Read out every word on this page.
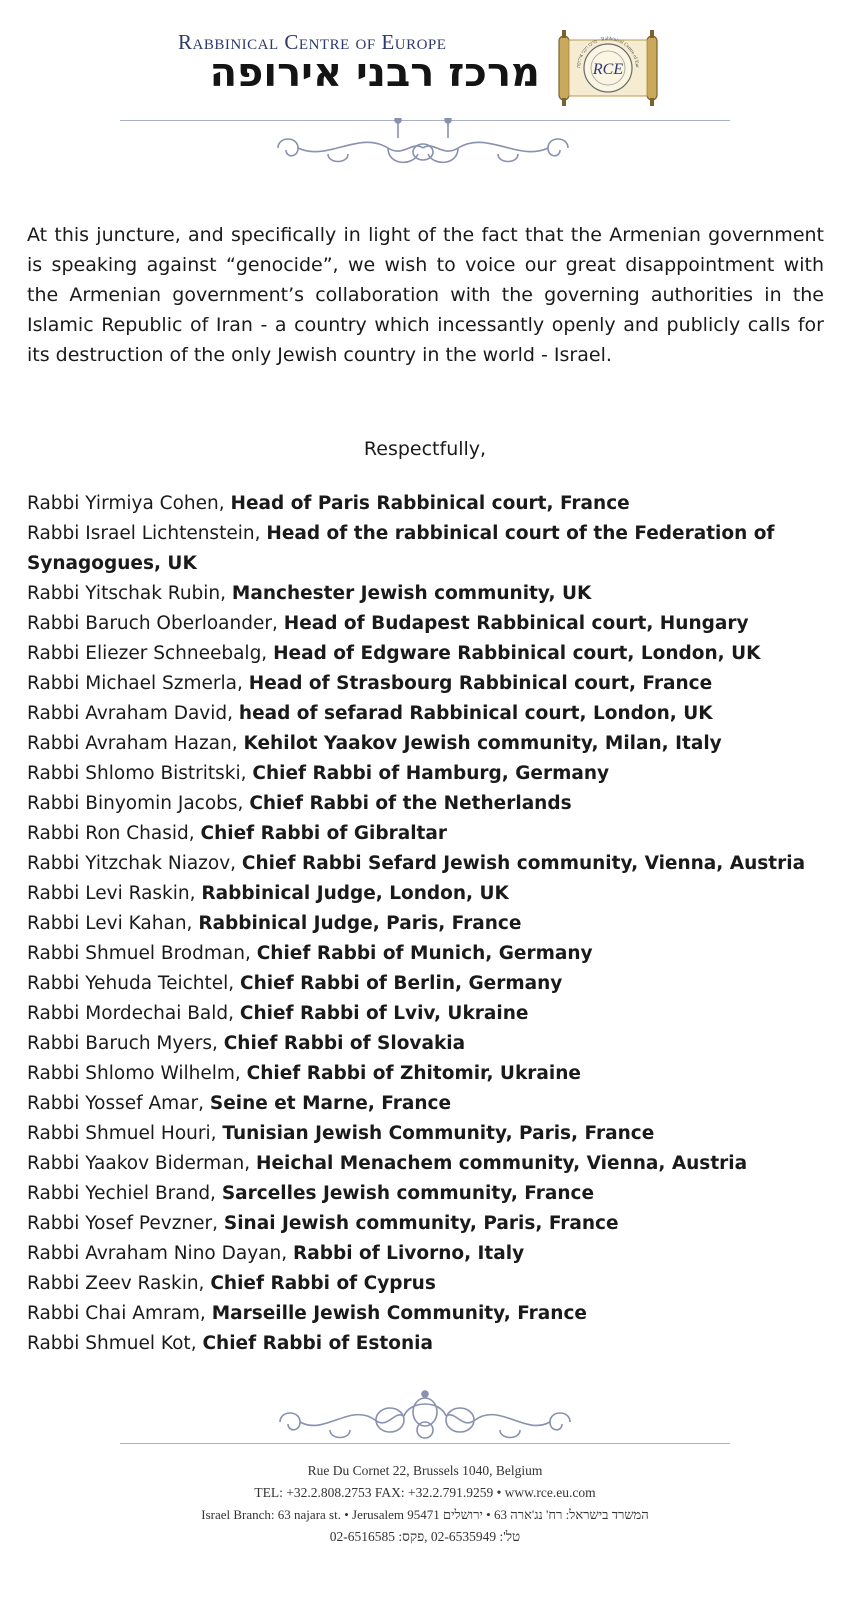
Rabbinical Centre of Europe
מרכז רבני אירופה
מרכז רבני אירופה · Rabbinical Centre of Eur
RCE

At this juncture, and specifically in light of the fact that the Armenian government is speaking against “genocide”, we wish to voice our great disappointment with the Armenian government’s collaboration with the governing authorities in the Islamic Republic of Iran - a country which incessantly openly and publicly calls for its destruction of the only Jewish country in the world - Israel.

Respectfully,
Rabbi Yirmiya Cohen, Head of Paris Rabbinical court, France
Rabbi Israel Lichtenstein, Head of the rabbinical court of the Federation of Synagogues, UK
Rabbi Yitschak Rubin, Manchester Jewish community, UK
Rabbi Baruch Oberloander, Head of Budapest Rabbinical court, Hungary
Rabbi Eliezer Schneebalg, Head of Edgware Rabbinical court, London, UK
Rabbi Michael Szmerla, Head of Strasbourg Rabbinical court, France
Rabbi Avraham David, head of sefarad Rabbinical court, London, UK
Rabbi Avraham Hazan, Kehilot Yaakov Jewish community, Milan, Italy
Rabbi Shlomo Bistritski, Chief Rabbi of Hamburg, Germany
Rabbi Binyomin Jacobs, Chief Rabbi of the Netherlands
Rabbi Ron Chasid, Chief Rabbi of Gibraltar
Rabbi Yitzchak Niazov, Chief Rabbi Sefard Jewish community, Vienna, Austria
Rabbi Levi Raskin, Rabbinical Judge, London, UK
Rabbi Levi Kahan, Rabbinical Judge, Paris, France
Rabbi Shmuel Brodman, Chief Rabbi of Munich, Germany
Rabbi Yehuda Teichtel, Chief Rabbi of Berlin, Germany
Rabbi Mordechai Bald, Chief Rabbi of Lviv, Ukraine
Rabbi Baruch Myers, Chief Rabbi of Slovakia
Rabbi Shlomo Wilhelm, Chief Rabbi of Zhitomir, Ukraine
Rabbi Yossef Amar, Seine et Marne, France
Rabbi Shmuel Houri, Tunisian Jewish Community, Paris, France
Rabbi Yaakov Biderman, Heichal Menachem community, Vienna, Austria
Rabbi Yechiel Brand, Sarcelles Jewish community, France
Rabbi Yosef Pevzner, Sinai Jewish community, Paris, France
Rabbi Avraham Nino Dayan, Rabbi of Livorno, Italy
Rabbi Zeev Raskin, Chief Rabbi of Cyprus
Rabbi Chai Amram, Marseille Jewish Community, France
Rabbi Shmuel Kot, Chief Rabbi of Estonia
Rue Du Cornet 22, Brussels 1040, Belgium
TEL: +32.2.808.2753 FAX: +32.2.791.9259 • www.rce.eu.com
Israel Branch: 63 najara st. • Jerusalem 95471 המשרד בישראל: רח' נג'ארה 63 • ירושלים
טל': 02-6535949 ,פקס: 02-6516585
